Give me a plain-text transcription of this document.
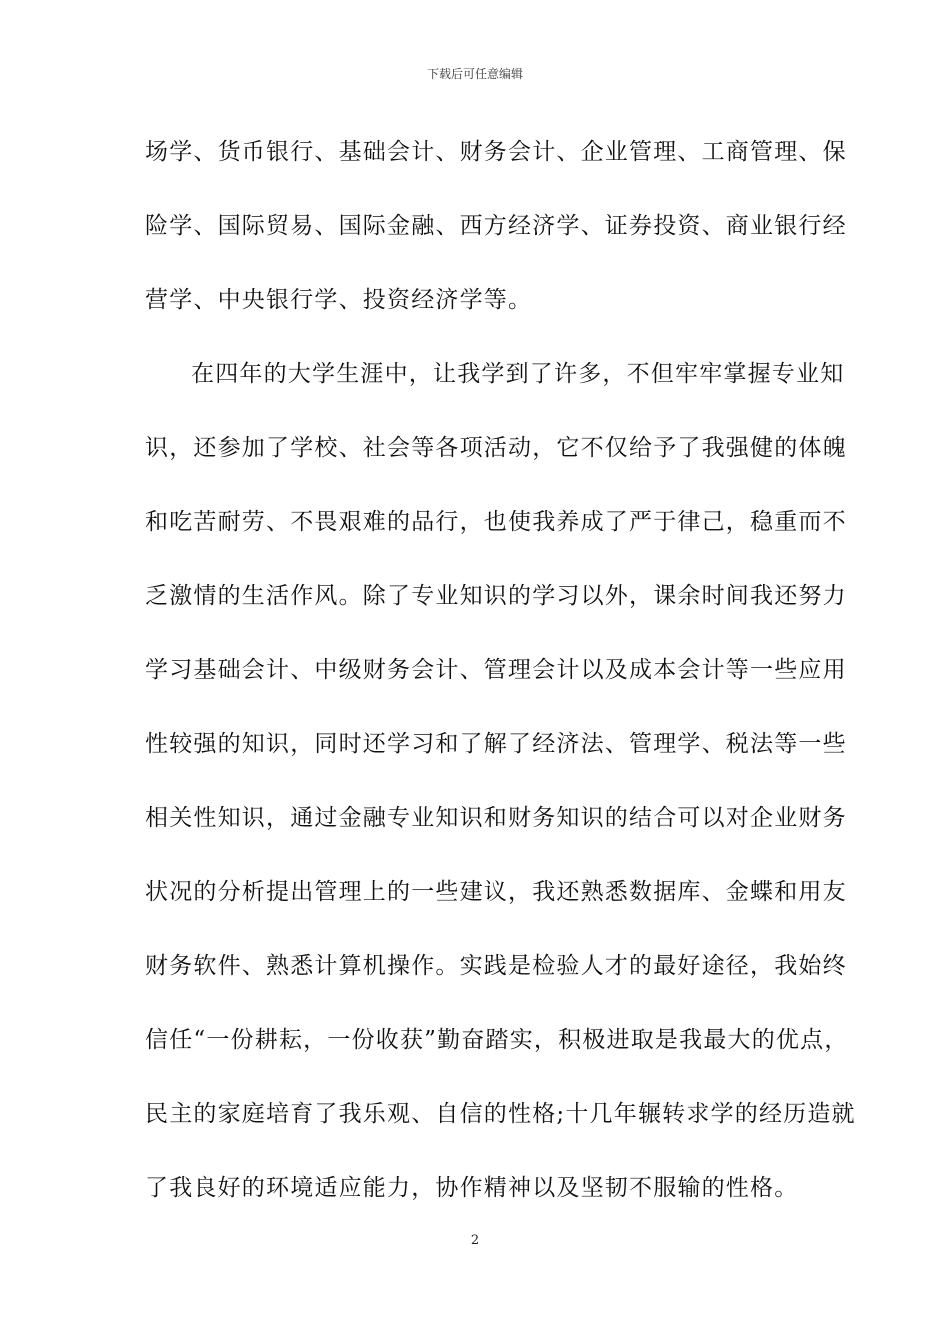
下载后可任意编辑
场学、货币银行、基础会计、财务会计、企业管理、工商管理、保
险学、国际贸易、国际金融、西方经济学、证券投资、商业银行经
营学、中央银行学、投资经济学等。
在四年的大学生涯中，让我学到了许多，不但牢牢掌握专业知
识，还参加了学校、社会等各项活动，它不仅给予了我强健的体魄
和吃苦耐劳、不畏艰难的品行，也使我养成了严于律己，稳重而不
乏激情的生活作风。除了专业知识的学习以外，课余时间我还努力
学习基础会计、中级财务会计、管理会计以及成本会计等一些应用
性较强的知识，同时还学习和了解了经济法、管理学、税法等一些
相关性知识，通过金融专业知识和财务知识的结合可以对企业财务
状况的分析提出管理上的一些建议，我还熟悉数据库、金蝶和用友
财务软件、熟悉计算机操作。实践是检验人才的最好途径，我始终
信任“一份耕耘，一份收获”勤奋踏实，积极进取是我最大的优点，
民主的家庭培育了我乐观、自信的性格;十几年辗转求学的经历造就
了我良好的环境适应能力，协作精神以及坚韧不服输的性格。
2
